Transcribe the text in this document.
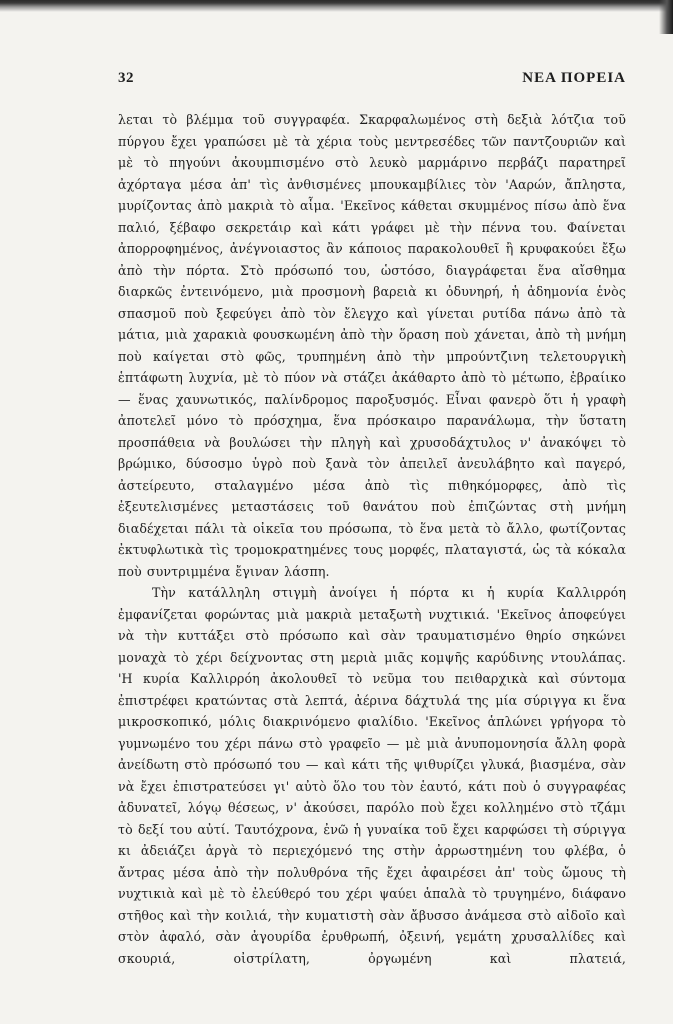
32	ΝΕΑ ΠΟΡΕΙΑ

λεται τὸ βλέμμα τοῦ συγγραφέα. Σκαρφαλωμένος στὴ δεξιὰ λότζια τοῦ πύργου ἔχει γραπώσει μὲ τὰ χέρια τοὺς μεντρεσέδες τῶν παντζουριῶν καὶ μὲ τὸ πηγούνι ἀκουμπισμένο στὸ λευκὸ μαρμάρινο περβάζι παρατηρεῖ ἀχόρταγα μέσα ἀπ' τὶς ἀνθισμένες μπουκαμβίλιες τὸν 'Ααρών, ἄπληστα, μυρίζοντας ἀπὸ μακριὰ τὸ αἷμα. 'Εκεῖνος κάθεται σκυμμένος πίσω ἀπὸ ἕνα παλιό, ξέβαφο σεκρετάιρ καὶ κάτι γράφει μὲ τὴν πέννα του. Φαίνεται ἀπορροφημένος, ἀνέγνοιαστος ἂν κάποιος παρακολουθεῖ ἢ κρυφακούει ἔξω ἀπὸ τὴν πόρτα. Στὸ πρόσωπό του, ὡστόσο, διαγράφεται ἕνα αἴσθημα διαρκῶς ἐντεινόμενο, μιὰ προσμονὴ βαρειὰ κι ὀδυνηρή, ἡ ἀδημονία ἑνὸς σπασμοῦ ποὺ ξεφεύγει ἀπὸ τὸν ἔλεγχο καὶ γίνεται ρυτίδα πάνω ἀπὸ τὰ μάτια, μιὰ χαρακιὰ φουσκωμένη ἀπὸ τὴν ὅραση ποὺ χάνεται, ἀπὸ τὴ μνήμη ποὺ καίγεται στὸ φῶς, τρυπημένη ἀπὸ τὴν μπρούντζινη τελετουργικὴ ἑπτάφωτη λυχνία, μὲ τὸ πύον νὰ στάζει ἀκάθαρτο ἀπὸ τὸ μέτωπο, ἑβραίικο — ἕνας χαυνωτικός, παλίνδρομος παροξυσμός. Εἶναι φανερὸ ὅτι ἡ γραφὴ ἀποτελεῖ μόνο τὸ πρόσχημα, ἕνα πρόσκαιρο παρανάλωμα, τὴν ὕστατη προσπάθεια νὰ βουλώσει τὴν πληγὴ καὶ χρυσοδάχτυλος ν' ἀνακόψει τὸ βρώμικο, δύσοσμο ὑγρὸ ποὺ ξανὰ τὸν ἀπειλεῖ ἀνευλάβητο καὶ παγερό, ἀστείρευτο, σταλαγμένο μέσα ἀπὸ τὶς πιθηκόμορφες, ἀπὸ τὶς ἐξευτελισμένες μεταστάσεις τοῦ θανάτου ποὺ ἐπιζώντας στὴ μνήμη διαδέχεται πάλι τὰ οἰκεῖα του πρόσωπα, τὸ ἕνα μετὰ τὸ ἄλλο, φωτίζοντας ἐκτυφλωτικὰ τὶς τρομοκρατημένες τους μορφές, πλαταγιστά, ὡς τὰ κόκαλα ποὺ συντριμμένα ἔγιναν λάσπη.

Τὴν κατάλληλη στιγμὴ ἀνοίγει ἡ πόρτα κι ἡ κυρία Καλλιρρόη ἐμφανίζεται φορώντας μιὰ μακριὰ μεταξωτὴ νυχτικιά. 'Εκεῖνος ἀποφεύγει νὰ τὴν κυττάξει στὸ πρόσωπο καὶ σὰν τραυματισμένο θηρίο σηκώνει μοναχὰ τὸ χέρι δείχνοντας στη μεριὰ μιᾶς κομψῆς καρύδινης ντουλάπας. 'Η κυρία Καλλιρρόη ἀκολουθεῖ τὸ νεῦμα του πειθαρχικὰ καὶ σύντομα ἐπιστρέφει κρατώντας στὰ λεπτά, ἀέρινα δάχτυλά της μία σύριγγα κι ἕνα μικροσκοπικό, μόλις διακρινόμενο φιαλίδιο. 'Εκεῖνος ἁπλώνει γρήγορα τὸ γυμνωμένο του χέρι πάνω στὸ γραφεῖο — μὲ μιὰ ἀνυπομονησία ἄλλη φορὰ ἀνείδωτη στὸ πρόσωπό του — καὶ κάτι τῆς ψιθυρίζει γλυκά, βιασμένα, σὰν νὰ ἔχει ἐπιστρατεύσει γι' αὐτὸ ὅλο του τὸν ἑαυτό, κάτι ποὺ ὁ συγγραφέας ἀδυνατεῖ, λόγῳ θέσεως, ν' ἀκούσει, παρόλο ποὺ ἔχει κολλημένο στὸ τζάμι τὸ δεξί του αὐτί. Ταυτόχρονα, ἐνῶ ἡ γυναίκα τοῦ ἔχει καρφώσει τὴ σύριγγα κι ἀδειάζει ἀργὰ τὸ περιεχόμενό της στὴν ἀρρωστημένη του φλέβα, ὁ ἄντρας μέσα ἀπὸ τὴν πολυθρόνα τῆς ἔχει ἀφαιρέσει ἀπ' τοὺς ὤμους τὴ νυχτικιὰ καὶ μὲ τὸ ἐλεύθερό του χέρι ψαύει ἁπαλὰ τὸ τρυγημένο, διάφανο στῆθος καὶ τὴν κοιλιά, τὴν κυματιστὴ σὰν ἄβυσσο ἀνάμεσα στὸ αἰδοῖο καὶ στὸν ἀφαλό, σὰν ἀγουρίδα ἐρυθρωπή, ὀξεινή, γεμάτη χρυσαλλίδες καὶ σκουριά, οἰστρίλατη, ὀργωμένη καὶ πλατειά,
